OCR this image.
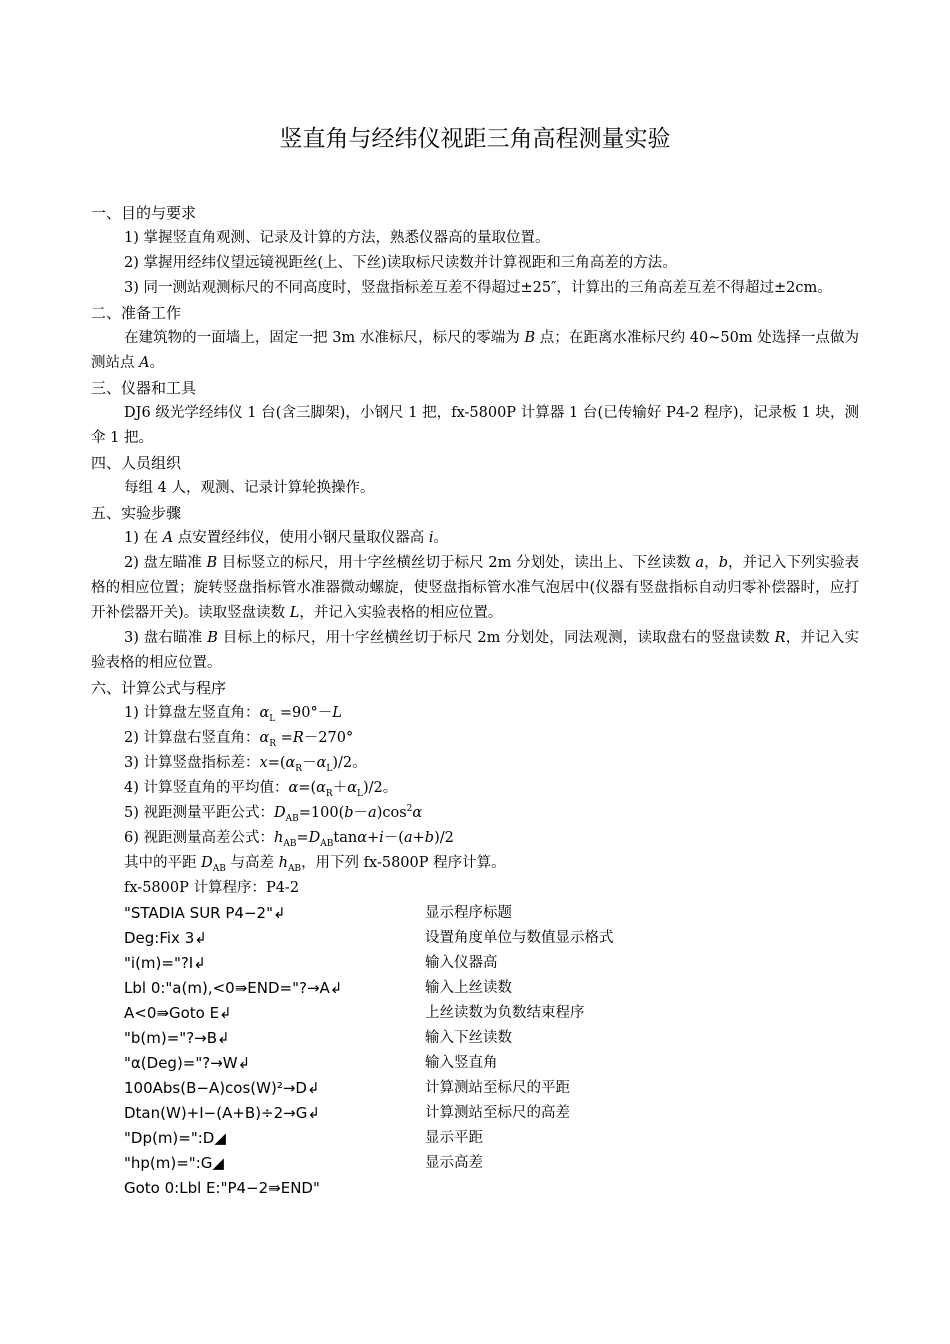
竖直角与经纬仪视距三角高程测量实验
一、目的与要求
1) 掌握竖直角观测、记录及计算的方法，熟悉仪器高的量取位置。
2) 掌握用经纬仪望远镜视距丝(上、下丝)读取标尺读数并计算视距和三角高差的方法。
3) 同一测站观测标尺的不同高度时，竖盘指标差互差不得超过±25″，计算出的三角高差互差不得超过±2cm。
二、准备工作
在建筑物的一面墙上，固定一把 3m 水准标尺，标尺的零端为 B 点；在距离水准标尺约 40~50m 处选择一点做为测站点 A。
三、仪器和工具
DJ6 级光学经纬仪 1 台(含三脚架)，小钢尺 1 把，fx-5800P 计算器 1 台(已传输好 P4-2 程序)，记录板 1 块，测伞 1 把。
四、人员组织
每组 4 人，观测、记录计算轮换操作。
五、实验步骤
1) 在 A 点安置经纬仪，使用小钢尺量取仪器高 i。
2) 盘左瞄准 B 目标竖立的标尺，用十字丝横丝切于标尺 2m 分划处，读出上、下丝读数 a，b，并记入下列实验表格的相应位置；旋转竖盘指标管水准器微动螺旋，使竖盘指标管水准气泡居中(仪器有竖盘指标自动归零补偿器时，应打开补偿器开关)。读取竖盘读数 L，并记入实验表格的相应位置。
3) 盘右瞄准 B 目标上的标尺，用十字丝横丝切于标尺 2m 分划处，同法观测，读取盘右的竖盘读数 R，并记入实验表格的相应位置。
六、计算公式与程序
1) 计算盘左竖直角：$\alpha_L =90^\circ-L$
2) 计算盘右竖直角：$\alpha_R =R-270^\circ$
3) 计算竖盘指标差：$x=(\alpha_R-\alpha_L)/2$。
4) 计算竖直角的平均值：$\alpha=(\alpha_R+\alpha_L)/2$。
5) 视距测量平距公式：$D_{AB}=100(b-a)\cos^2\alpha$
6) 视距测量高差公式：$h_{AB}=D_{AB}\tan\alpha+i-(a+b)/2$
其中的平距 $D_{AB}$ 与高差 $h_{AB}$，用下列 fx-5800P 程序计算。
fx-5800P 计算程序：P4-2
"STADIA SUR P4−2"↲	显示程序标题
Deg:Fix 3↲	设置角度单位与数值显示格式
"i(m)="?I↲	输入仪器高
Lbl 0:"a(m),<0⇛END="?→A↲	输入上丝读数
A<0⇛Goto E↲	上丝读数为负数结束程序
"b(m)="?→B↲	输入下丝读数
"α(Deg)="?→W↲	输入竖直角
100Abs(B−A)cos(W)²→D↲	计算测站至标尺的平距
Dtan(W)+I−(A+B)÷2→G↲	计算测站至标尺的高差
"Dp(m)=":D◢	显示平距
"hp(m)=":G◢	显示高差
Goto 0:Lbl E:"P4−2⇛END"
